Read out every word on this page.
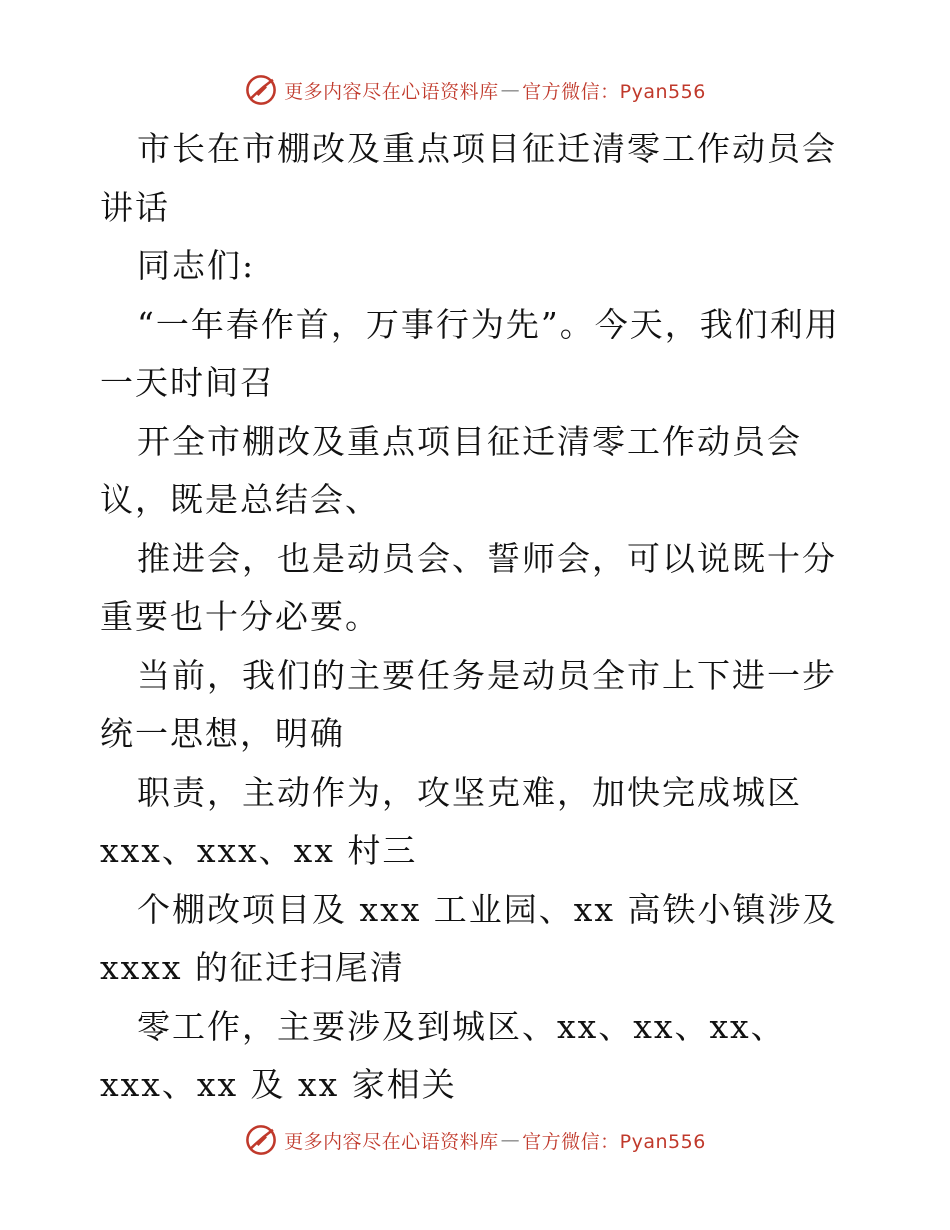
更多内容尽在心语资料库 — 官方微信：Pyan556

市长在市棚改及重点项目征迁清零工作动员会讲话

同志们:

“一年春作首，万事行为先”。今天，我们利用一天时间召

开全市棚改及重点项目征迁清零工作动员会议，既是总结会、

推进会，也是动员会、誓师会，可以说既十分重要也十分必要。

当前，我们的主要任务是动员全市上下进一步统一思想，明确

职责，主动作为，攻坚克难，加快完成城区 xxx、xxx、xx 村三

个棚改项目及 xxx 工业园、xx 高铁小镇涉及 xxxx 的征迁扫尾清

零工作，主要涉及到城区、xx、xx、xx、xxx、xx 及 xx 家相关

更多内容尽在心语资料库 — 官方微信：Pyan556
